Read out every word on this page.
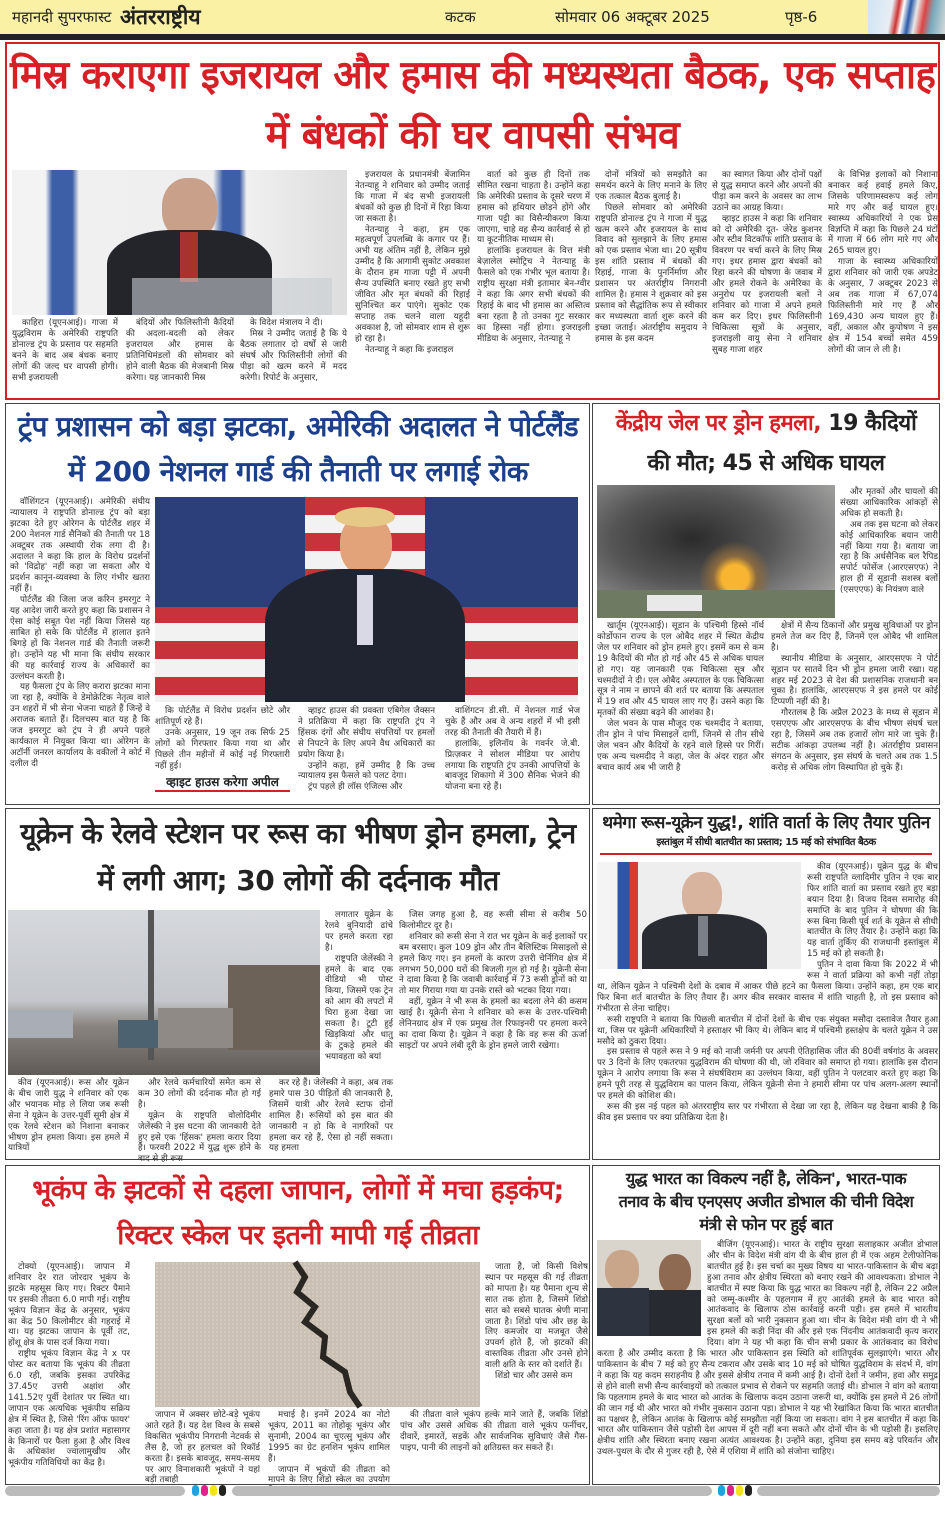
महानदी सुपरफास्ट अंतरराष्ट्रीय	कटक	सोमवार 06 अक्टूबर 2025	पृष्ठ-6
मिस्र कराएगा इजरायल और हमास की मध्यस्थता बैठक, एक सप्ताह
में बंधकों की घर वापसी संभव

काहिरा (यूएनआई)। गाजा में युद्धविराम के अमेरिकी राष्ट्रपति डोनाल्ड ट्रंप के प्रस्ताव पर सहमति बनने के बाद अब बंधक बनाए लोगों की जल्द घर वापसी होगी। सभी इजरायली

बंदियों और फिलिस्तीनी कैदियों की अदला-बदली को लेकर इजरायल और हमास के प्रतिनिधिमंडलों की सोमवार को होने वाली बैठक की मेजबानी मिस्र करेगा। यह जानकारी मिस्र

के विदेश मंत्रालय ने दी।

मिस्र ने उम्मीद जताई है कि ये बैठक लगातार दो वर्षों से जारी संघर्ष और फिलिस्तीनी लोगों की पीड़ा को खत्म करने में मदद करेगी। रिपोर्ट के अनुसार,

इजरायल के प्रधानमंत्री बेंजामिन नेतन्याहू ने शनिवार को उम्मीद जताई कि गाजा में बंद सभी इजरायली बंधकों को कुछ ही दिनों में रिहा किया जा सकता है।

नेतन्याहू ने कहा, हम एक महत्वपूर्ण उपलब्धि के कगार पर हैं। अभी यह अंतिम नहीं है, लेकिन मुझे उम्मीद है कि आगामी सुकोट अवकाश के दौरान हम गाजा पट्टी में अपनी सैन्य उपस्थिति बनाए रखते हुए सभी जीवित और मृत बंधकों की रिहाई सुनिश्चित कर पाएंगे। सुकोट एक सप्ताह तक चलने वाला यहूदी अवकाश है, जो सोमवार शाम से शुरू हो रहा है।

नेतन्याहू ने कहा कि इजराइल

वार्ता को कुछ ही दिनों तक सीमित रखना चाहता है। उन्होंने कहा कि अमेरिकी प्रस्ताव के दूसरे चरण में हमास को हथियार छोड़ने होंगे और गाजा पट्टी का विसैन्यीकरण किया जाएगा, चाहे वह सैन्य कार्रवाई से हो या कूटनीतिक माध्यम से।

हालांकि इजरायल के वित्त मंत्री बेज़ालेल स्मोट्रिच ने नेतन्याहू के फैसले को एक गंभीर भूल बताया है। राष्ट्रीय सुरक्षा मंत्री इतामार बेन-ग्वीर ने कहा कि अगर सभी बंधकों की रिहाई के बाद भी हमास का अस्तित्व बना रहता है तो उनका गुट सरकार का हिस्सा नहीं होगा। इजराइली मीडिया के अनुसार, नेतन्याहू ने

दोनों मंत्रियों को समझौते का समर्थन करने के लिए मनाने के लिए एक तत्काल बैठक बुलाई है।

पिछले सोमवार को अमेरिकी राष्ट्रपति डोनाल्ड ट्रंप ने गाजा में युद्ध खत्म करने और इजरायल के साथ विवाद को सुलझाने के लिए हमास को एक प्रस्ताव भेजा था। 20 सूत्रीय इस शांति प्रस्ताव में बंधकों की रिहाई, गाजा के पुनर्निर्माण और प्रशासन पर अंतर्राष्ट्रीय निगरानी शामिल है। हमास ने शुक्रवार को इस प्रस्ताव को सैद्धांतिक रूप से स्वीकार कर मध्यस्थता वार्ता शुरू करने की इच्छा जताई। अंतर्राष्ट्रीय समुदाय ने हमास के इस कदम

का स्वागत किया और दोनों पक्षों से युद्ध समाप्त करने और अपनों की पीड़ा कम करने के अवसर का लाभ उठाने का आग्रह किया।

व्हाइट हाउस ने कहा कि शनिवार को दो अमेरिकी दूत- जेरेड कुशनर और स्टीव विटकॉफ शांति प्रस्ताव के विवरण पर चर्चा करने के लिए मिस्र गए। इधर हमास द्वारा बंधकों को रिहा करने की घोषणा के जवाब में और हमले रोकने के अमेरिका के अनुरोध पर इजरायली बलों ने शनिवार को गाजा में अपने हमले कम कर दिए। इधर फिलिस्तीनी चिकित्सा सूत्रों के अनुसार, इजराइली वायु सेना ने शनिवार सुबह गाजा शहर

के विभिन्न इलाकों को निशाना बनाकर कई हवाई हमले किए, जिसके परिणामस्वरूप कई लोग मारे गए और कई घायल हुए। स्वास्थ्य अधिकारियों ने एक प्रेस विज्ञप्ति में कहा कि पिछले 24 घंटों में गाजा में 66 लोग मारे गए और 265 घायल हुए।

गाजा के स्वास्थ्य अधिकारियों द्वारा शनिवार को जारी एक अपडेट के अनुसार, 7 अक्टूबर 2023 से अब तक गाजा में 67,074 फिलिस्तीनी मारे गए हैं और 169,430 अन्य घायल हुए हैं। वहीं, अकाल और कुपोषण ने इस क्षेत्र में 154 बच्चों समेत 459 लोगों की जान ले ली है।

ट्रंप प्रशासन को बड़ा झटका, अमेरिकी अदालत ने पोर्टलैंड
में 200 नेशनल गार्ड की तैनाती पर लगाई रोक

वॉशिंगटन (यूएनआई)। अमेरिकी संघीय न्यायालय ने राष्ट्रपति डोनाल्ड ट्रंप को बड़ा झटका देते हुए ओरेगन के पोर्टलैंड शहर में 200 नेशनल गार्ड सैनिकों की तैनाती पर 18 अक्टूबर तक अस्थायी रोक लगा दी है। अदालत ने कहा कि हाल के विरोध प्रदर्शनों को 'विद्रोह' नहीं कहा जा सकता और ये प्रदर्शन कानून-व्यवस्था के लिए गंभीर खतरा नहीं हैं।

पोर्टलैंड की जिला जज करिन इमरगुट ने यह आदेश जारी करते हुए कहा कि प्रशासन ने ऐसा कोई सबूत पेश नहीं किया जिससे यह साबित हो सके कि पोर्टलैंड में हालात इतने बिगड़े हों कि नेशनल गार्ड की तैनाती जरूरी हो। उन्होंने यह भी माना कि संघीय सरकार की यह कार्रवाई राज्य के अधिकारों का उल्लंघन करती है।

यह फैसला ट्रंप के लिए करारा झटका माना जा रहा है, क्योंकि वे डेमोक्रेटिक नेतृत्व वाले उन शहरों में भी सेना भेजना चाहते हैं जिन्हें वे अराजक बताते हैं। दिलचस्प बात यह है कि जज इमरगुट को ट्रंप ने ही अपने पहले कार्यकाल में नियुक्त किया था। ओरेगन के अटॉर्नी जनरल कार्यालय के वकीलों ने कोर्ट में दलील दी

कि पोर्टलैंड में विरोध प्रदर्शन छोटे और शांतिपूर्ण रहे हैं।

उनके अनुसार, 19 जून तक सिर्फ 25 लोगों को गिरफ्तार किया गया था और पिछले तीन महीनों में कोई नई गिरफ्तारी नहीं हुई।

व्हाइट हाउस करेगा अपील

व्हाइट हाउस की प्रवक्ता एबिगेल जैक्सन ने प्रतिक्रिया में कहा कि राष्ट्रपति ट्रंप ने हिंसक दंगों और संघीय संपत्तियों पर हमलों से निपटने के लिए अपने वैध अधिकारों का प्रयोग किया है।

उन्होंने कहा, हमें उम्मीद है कि उच्च न्यायालय इस फैसले को पलट देगा।

ट्रंप पहले ही लॉस एंजिल्स और

वाशिंगटन डी.सी. में नेशनल गार्ड भेज चुके हैं और अब वे अन्य शहरों में भी इसी तरह की तैनाती की तैयारी में हैं।

हालांकि, इलिनॉय के गवर्नर जे.बी. प्रित्ज़कर ने सोशल मीडिया पर आरोप लगाया कि राष्ट्रपति ट्रंप उनकी आपत्तियों के बावजूद शिकागो में 300 सैनिक भेजने की योजना बना रहे हैं।

केंद्रीय जेल पर ड्रोन हमला, 19 कैदियों
की मौत; 45 से अधिक घायल

और मृतकों और घायलों की संख्या आधिकारिक आंकड़ों से अधिक हो सकती है।

अब तक इस घटना को लेकर कोई आधिकारिक बयान जारी नहीं किया गया है। बताया जा रहा है कि अर्धसैनिक बल रैपिड सपोर्ट फोर्सेज (आरएसएफ) ने हाल ही में सूडानी सशस्त्र बलों (एसएएफ) के नियंत्रण वाले

खार्तूम (यूएनआई)। सूडान के पश्चिमी हिस्से नॉर्थ कोर्डोफान राज्य के एल ओबैद शहर में स्थित केंद्रीय जेल पर शनिवार को ड्रोन हमले हुए। इसमें कम से कम 19 कैदियों की मौत हो गई और 45 से अधिक घायल हो गए। यह जानकारी एक चिकित्सा सूत्र और चश्मदीदों ने दी। एल ओबैद अस्पताल के एक चिकित्सा सूत्र ने नाम न छापने की शर्त पर बताया कि अस्पताल में 19 शव और 45 घायल लाए गए हैं। उसने कहा कि मृतकों की संख्या बढ़ने की आशंका है।

जेल भवन के पास मौजूद एक चश्मदीद ने बताया, तीन ड्रोन ने पांच मिसाइलें दागीं, जिनमें से तीन सीधे जेल भवन और कैदियों के रहने वाले हिस्से पर गिरीं। एक अन्य चश्मदीद ने कहा, जेल के अंदर राहत और बचाव कार्य अब भी जारी है

क्षेत्रों में सैन्य ठिकानों और प्रमुख सुविधाओं पर ड्रोन हमले तेज कर दिए हैं, जिनमें एल ओबैद भी शामिल है।

स्थानीय मीडिया के अनुसार, आरएसएफ ने पोर्ट सूडान पर सातवें दिन भी ड्रोन हमला जारी रखा। यह शहर मई 2023 से देश की प्रशासनिक राजधानी बन चुका है। हालांकि, आरएसएफ ने इस हमले पर कोई टिप्पणी नहीं की है।

गौरतलब है कि अप्रैल 2023 के मध्य से सूडान में एसएएफ और आरएसएफ के बीच भीषण संघर्ष चल रहा है, जिसमें अब तक हजारों लोग मारे जा चुके हैं। सटीक आंकड़ा उपलब्ध नहीं है। अंतर्राष्ट्रीय प्रवासन संगठन के अनुसार, इस संघर्ष के चलते अब तक 1.5 करोड़ से अधिक लोग विस्थापित हो चुके हैं।

यूक्रेन के रेलवे स्टेशन पर रूस का भीषण ड्रोन हमला, ट्रेन
में लगी आग; 30 लोगों की दर्दनाक मौत

लगातार यूक्रेन के रेलवे बुनियादी ढांचे पर हमले करता रहा है।

राष्ट्रपति जेलेंस्की ने हमले के बाद एक वीडियो भी पोस्ट किया, जिसमें एक ट्रेन को आग की लपटों में घिरा हुआ देखा जा सकता है। टूटी हुई खिड़कियां और धातु के टुकड़े हमले की भयावहता को बयां

जिस जगह हुआ है, वह रूसी सीमा से करीब 50 किलोमीटर दूर है।

शनिवार को रूसी सेना ने रात भर यूक्रेन के कई इलाकों पर बम बरसाए। कुल 109 ड्रोन और तीन बैलिस्टिक मिसाइलों से हमले किए गए। इन हमलों के कारण उत्तरी चेर्निगिव क्षेत्र में लगभग 50,000 घरों की बिजली गुल हो गई है। यूक्रेनी सेना ने दावा किया है कि जवाबी कार्रवाई में 73 रूसी ड्रोनों को या तो मार गिराया गया या उनके रास्ते को भटका दिया गया।

वहीं, यूक्रेन ने भी रूस के हमलों का बदला लेने की कसम खाई है। यूक्रेनी सेना ने शनिवार को रूस के उत्तर-पश्चिमी लेनिनग्राद क्षेत्र में एक प्रमुख तेल रिफाइनरी पर हमला करने का दावा किया है। यूक्रेन ने कहा है कि वह रूस की ऊर्जा साइटों पर अपने लंबी दूरी के ड्रोन हमले जारी रखेगा।

कीव (यूएनआई)। रूस और यूक्रेन के बीच जारी युद्ध ने शनिवार को एक और भयानक मोड़ ले लिया जब रूसी सेना ने यूक्रेन के उत्तर-पूर्वी सूमी क्षेत्र में एक रेलवे स्टेशन को निशाना बनाकर भीषण ड्रोन हमला किया। इस हमले में यात्रियों

और रेलवे कर्मचारियों समेत कम से कम 30 लोगों की दर्दनाक मौत हो गई है।

यूक्रेन के राष्ट्रपति वोलोदिमीर जेलेंस्की ने इस घटना की जानकारी देते हुए इसे एक 'हिंसक' हमला करार दिया है। फरवरी 2022 में युद्ध शुरू होने के बाद से ही रूस

कर रहे हैं। जेलेंस्की ने कहा, अब तक हमारे पास 30 पीड़ितों की जानकारी है, जिसमें यात्री और रेलवे स्टाफ दोनों शामिल हैं। रूसियों को इस बात की जानकारी न हो कि वे नागरिकों पर हमला कर रहे हैं, ऐसा हो नहीं सकता। यह हमला

थमेगा रूस-यूक्रेन युद्ध!, शांति वार्ता के लिए तैयार पुतिन
इस्तांबुल में सीधी बातचीत का प्रस्ताव; 15 मई को संभावित बैठक

कीव (यूएनआई)। यूक्रेन युद्ध के बीच रूसी राष्ट्रपति व्लादिमीर पुतिन ने एक बार फिर शांति वार्ता का प्रस्ताव रखते हुए बड़ा बयान दिया है। विजय दिवस समारोह की समाप्ति के बाद पुतिन ने घोषणा की कि रूस बिना किसी पूर्व शर्त के यूक्रेन से सीधी बातचीत के लिए तैयार है। उन्होंने कहा कि यह वार्ता तुर्किए की राजधानी इस्तांबुल में 15 मई को हो सकती है।

पुतिन ने दावा किया कि 2022 में भी रूस ने वार्ता प्रक्रिया को कभी नहीं तोड़ा था, लेकिन यूक्रेन ने पश्चिमी देशों के दबाव में आकर पीछे हटने का फैसला किया। उन्होंने कहा, हम एक बार फिर बिना शर्त बातचीत के लिए तैयार हैं। अगर कीव सरकार वास्तव में शांति चाहती है, तो इस प्रस्ताव को गंभीरता से लेना चाहिए।

रूसी राष्ट्रपति ने बताया कि पिछली बातचीत में दोनों देशों के बीच एक संयुक्त मसौदा दस्तावेज तैयार हुआ था, जिस पर यूक्रेनी अधिकारियों ने हस्ताक्षर भी किए थे। लेकिन बाद में पश्चिमी हस्तक्षेप के चलते यूक्रेन ने उस मसौदे को ठुकरा दिया।

इस प्रस्ताव से पहले रूस ने 9 मई को नाजी जर्मनी पर अपनी ऐतिहासिक जीत की 80वीं वर्षगांठ के अवसर पर 3 दिनों के लिए एकतरफा युद्धविराम की घोषणा की थी, जो रविवार को समाप्त हो गया। हालांकि इस दौरान यूक्रेन ने आरोप लगाया कि रूस ने संघर्षविराम का उल्लंघन किया, वहीं पुतिन ने पलटवार करते हुए कहा कि हमने पूरी तरह से युद्धविराम का पालन किया, लेकिन यूक्रेनी सेना ने हमारी सीमा पर पांच अलग-अलग स्थानों पर हमले की कोशिश की।

रूस की इस नई पहल को अंतरराष्ट्रीय स्तर पर गंभीरता से देखा जा रहा है, लेकिन यह देखना बाकी है कि कीव इस प्रस्ताव पर क्या प्रतिक्रिया देता है।

भूकंप के झटकों से दहला जापान, लोगों में मचा हड़कंप;
रिक्टर स्केल पर इतनी मापी गई तीव्रता

टोक्यो (यूएनआई)। जापान में शनिवार देर रात जोरदार भूकंप के झटके महसूस किए गए। रिक्टर पैमाने पर इसकी तीव्रता 6.0 मापी गई। राष्ट्रीय भूकंप विज्ञान केंद्र के अनुसार, भूकंप का केंद्र 50 किलोमीटर की गहराई में था। यह झटका जापान के पूर्वी तट, होंशू क्षेत्र के पास दर्ज किया गया।

राष्ट्रीय भूकंप विज्ञान केंद्र ने x पर पोस्ट कर बताया कि भूकंप की तीव्रता 6.0 रही, जबकि इसका उपरिकेंद्र 37.45ए उत्तरी अक्षांश और 141.52ए पूर्वी देशांतर पर स्थित था। जापान एक अत्यधिक भूकंपीय सक्रिय क्षेत्र में स्थित है, जिसे 'रिंग ऑफ फायर' कहा जाता है। यह क्षेत्र प्रशांत महासागर के किनारों पर फैला हुआ है और विश्व के अधिकांश ज्वालामुखीय और भूकंपीय गतिविधियों का केंद्र है।

जाता है, जो किसी विशेष स्थान पर महसूस की गई तीव्रता को मापता है। यह पैमाना शून्य से सात तक होता है, जिसमें शिंडो सात को सबसे घातक श्रेणी माना जाता है। शिंडो पांच और छह के लिए कमजोर या मजबूत जैसे उपवर्ग होते हैं, जो झटकों की वास्तविक तीव्रता और उनसे होने वाली क्षति के स्तर को दर्शाते हैं।

शिंडो चार और उससे कम

जापान में अक्सर छोटे-बड़े भूकंप आते रहते हैं। यह देश विश्व के सबसे विकसित भूकंपीय निगरानी नेटवर्क से लैस है, जो हर हलचल को रिकॉर्ड करता है। इसके बावजूद, समय-समय पर आए विनाशकारी भूकंपों ने यहां बड़ी तबाही

मचाई है। इनमें 2024 का नोटो भूकंप, 2011 का तोहोकू भूकंप और सुनामी, 2004 का चूएत्सु भूकंप और 1995 का ग्रेट हनशिन भूकंप शामिल हैं।

जापान में भूकंपों की तीव्रता को मापने के लिए शिंडो स्केल का उपयोग

की तीव्रता वाले भूकंप हल्के माने जाते हैं, जबकि शिंडो पांच और उससे अधिक की तीव्रता वाले भूकंप फर्नीचर, दीवारें, इमारतें, सड़कें और सार्वजनिक सुविधाएं जैसे गैस-पाइप, पानी की लाइनों को क्षतिग्रस्त कर सकते हैं।

युद्ध भारत का विकल्प नहीं है, लेकिन', भारत-पाक
तनाव के बीच एनएसए अजीत डोभाल की चीनी विदेश
मंत्री से फोन पर हुई बात

बीजिंग (यूएनआई)। भारत के राष्ट्रीय सुरक्षा सलाहकार अजीत डोभाल और चीन के विदेश मंत्री वांग यी के बीच हाल ही में एक अहम टेलीफोनिक बातचीत हुई है। इस चर्चा का मुख्य विषय था भारत-पाकिस्तान के बीच बढ़ा हुआ तनाव और क्षेत्रीय स्थिरता को बनाए रखने की आवश्यकता। डोभाल ने बातचीत में स्पष्ट किया कि युद्ध भारत का विकल्प नहीं है, लेकिन 22 अप्रैल को जम्मू-कश्मीर के पहलगाम में हुए आतंकी हमले के बाद भारत को आतंकवाद के खिलाफ ठोस कार्रवाई करनी पड़ी। इस हमले में भारतीय सुरक्षा बलों को भारी नुकसान हुआ था। चीन के विदेश मंत्री वांग यी ने भी इस हमले की कड़ी निंदा की और इसे एक निंदनीय आतंकवादी कृत्य करार दिया। वांग ने यह भी कहा कि चीन सभी प्रकार के आतंकवाद का विरोध करता है और उम्मीद करता है कि भारत और पाकिस्तान इस स्थिति को शांतिपूर्वक सुलझाएंगे। भारत और पाकिस्तान के बीच 7 मई को हुए सैन्य टकराव और उसके बाद 10 मई को घोषित युद्धविराम के संदर्भ में, वांग ने कहा कि यह कदम सराहनीय है और इससे क्षेत्रीय तनाव में कमी आई है। दोनों देशों ने जमीन, हवा और समुद्र से होने वाली सभी सैन्य कार्रवाइयों को तत्काल प्रभाव से रोकने पर सहमति जताई थी। डोभाल ने वांग को बताया कि पहलगाम हमले के बाद भारत को आतंक के खिलाफ कदम उठाना जरूरी था, क्योंकि इस हमले में 26 लोगों की जान गई थी और भारत को गंभीर नुकसान उठाना पड़ा। डोभाल ने यह भी रेखांकित किया कि भारत बातचीत का पक्षधर है, लेकिन आतंक के खिलाफ कोई समझौता नहीं किया जा सकता। वांग ने इस बातचीत में कहा कि भारत और पाकिस्तान जैसे पड़ोसी देश आपस में दूरी नहीं बना सकते और दोनों चीन के भी पड़ोसी हैं। इसलिए क्षेत्रीय शांति और स्थिरता बनाए रखना अत्यंत आवश्यक है। उन्होंने कहा, दुनिया इस समय बड़े परिवर्तन और उथल-पुथल के दौर से गुजर रही है, ऐसे में एशिया में शांति को संजोना चाहिए।
